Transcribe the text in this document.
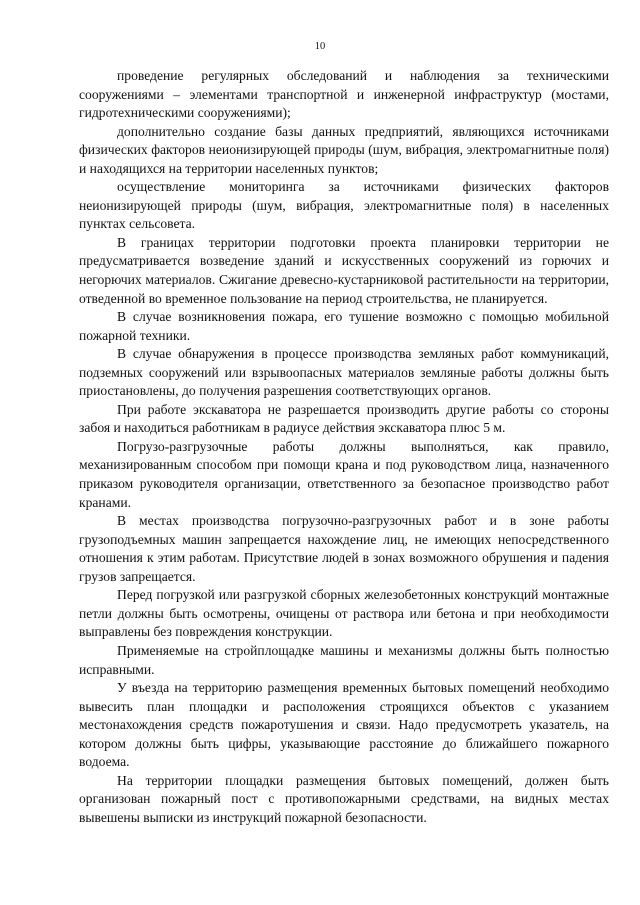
10

проведение регулярных обследований и наблюдения за техническими сооружениями – элементами транспортной и инженерной инфраструктур (мостами, гидротехническими сооружениями);

дополнительно создание базы данных предприятий, являющихся источниками физических факторов неионизирующей природы (шум, вибрация, электромагнитные поля) и находящихся на территории населенных пунктов;

осуществление мониторинга за источниками физических факторов неионизирующей природы (шум, вибрация, электромагнитные поля) в населенных пунктах сельсовета.

В границах территории подготовки проекта планировки территории не предусматривается возведение зданий и искусственных сооружений из горючих и негорючих материалов. Сжигание древесно-кустарниковой растительности на территории, отведенной во временное пользование на период строительства, не планируется.

В случае возникновения пожара, его тушение возможно с помощью мобильной пожарной техники.

В случае обнаружения в процессе производства земляных работ коммуникаций, подземных сооружений или взрывоопасных материалов земляные работы должны быть приостановлены, до получения разрешения соответствующих органов.

При работе экскаватора не разрешается производить другие работы со стороны забоя и находиться работникам в радиусе действия экскаватора плюс 5 м.

Погрузо-разгрузочные работы должны выполняться, как правило, механизированным способом при помощи крана и под руководством лица, назначенного приказом руководителя организации, ответственного за безопасное производство работ кранами.

В местах производства погрузочно-разгрузочных работ и в зоне работы грузоподъемных машин запрещается нахождение лиц, не имеющих непосредственного отношения к этим работам. Присутствие людей в зонах возможного обрушения и падения грузов запрещается.

Перед погрузкой или разгрузкой сборных железобетонных конструкций монтажные петли должны быть осмотрены, очищены от раствора или бетона и при необходимости выправлены без повреждения конструкции.

Применяемые на стройплощадке машины и механизмы должны быть полностью исправными.

У въезда на территорию размещения временных бытовых помещений необходимо вывесить план площадки и расположения строящихся объектов с указанием местонахождения средств пожаротушения и связи. Надо предусмотреть указатель, на котором должны быть цифры, указывающие расстояние до ближайшего пожарного водоема.

На территории площадки размещения бытовых помещений, должен быть организован пожарный пост с противопожарными средствами, на видных местах вывешены выписки из инструкций пожарной безопасности.
